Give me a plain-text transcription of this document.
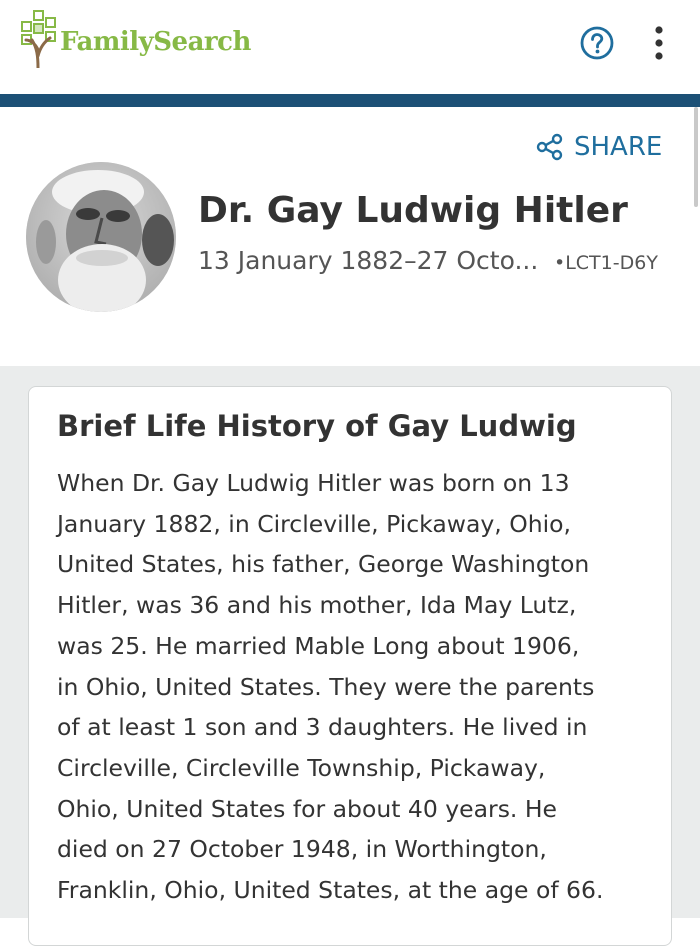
FamilySearch
SHARE
Dr. Gay Ludwig Hitler
13 January 1882–27 Octo... •LCT1-D6Y
Brief Life History of Gay Ludwig
When Dr. Gay Ludwig Hitler was born on 13
January 1882, in Circleville, Pickaway, Ohio,
United States, his father, George Washington
Hitler, was 36 and his mother, Ida May Lutz,
was 25. He married Mable Long about 1906,
in Ohio, United States. They were the parents
of at least 1 son and 3 daughters. He lived in
Circleville, Circleville Township, Pickaway,
Ohio, United States for about 40 years. He
died on 27 October 1948, in Worthington,
Franklin, Ohio, United States, at the age of 66.
